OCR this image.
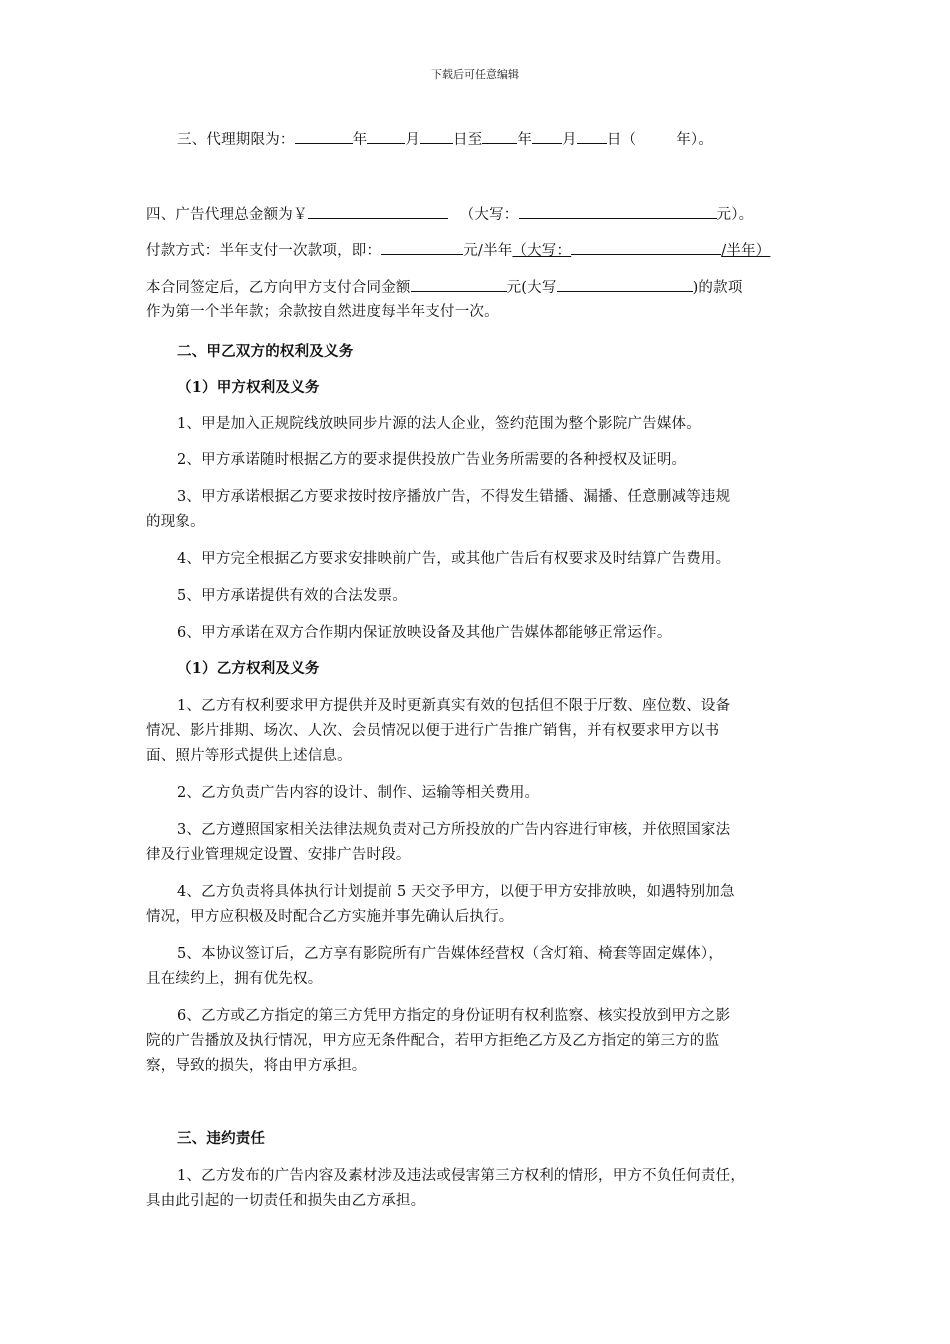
下载后可任意编辑
三、代理期限为：	年	月 日至 年 月 日（	年）。
四、广告代理总金额为￥	（大写：	元）。
付款方式：半年支付一次款项，即：	元/半年（大写：	/半年）
本合同签定后，乙方向甲方支付合同金额	元(大写	)的款项
作为第一个半年款；余款按自然进度每半年支付一次。
二、甲乙双方的权利及义务
（1）甲方权利及义务
1、甲是加入正规院线放映同步片源的法人企业，签约范围为整个影院广告媒体。
2、甲方承诺随时根据乙方的要求提供投放广告业务所需要的各种授权及证明。
3、甲方承诺根据乙方要求按时按序播放广告，不得发生错播、漏播、任意删减等违规
的现象。
4、甲方完全根据乙方要求安排映前广告，或其他广告后有权要求及时结算广告费用。
5、甲方承诺提供有效的合法发票。
6、甲方承诺在双方合作期内保证放映设备及其他广告媒体都能够正常运作。
（1）乙方权利及义务
1、乙方有权利要求甲方提供并及时更新真实有效的包括但不限于厅数、座位数、设备
情况、影片排期、场次、人次、会员情况以便于进行广告推广销售，并有权要求甲方以书
面、照片等形式提供上述信息。
2、乙方负责广告内容的设计、制作、运输等相关费用。
3、乙方遵照国家相关法律法规负责对己方所投放的广告内容进行审核，并依照国家法
律及行业管理规定设置、安排广告时段。
4、乙方负责将具体执行计划提前 5 天交予甲方，以便于甲方安排放映，如遇特别加急
情况，甲方应积极及时配合乙方实施并事先确认后执行。
5、本协议签订后，乙方享有影院所有广告媒体经营权（含灯箱、椅套等固定媒体），
且在续约上，拥有优先权。
6、乙方或乙方指定的第三方凭甲方指定的身份证明有权利监察、核实投放到甲方之影
院的广告播放及执行情况，甲方应无条件配合，若甲方拒绝乙方及乙方指定的第三方的监
察，导致的损失，将由甲方承担。
三、违约责任
1、乙方发布的广告内容及素材涉及违法或侵害第三方权利的情形，甲方不负任何责任，
具由此引起的一切责任和损失由乙方承担。
